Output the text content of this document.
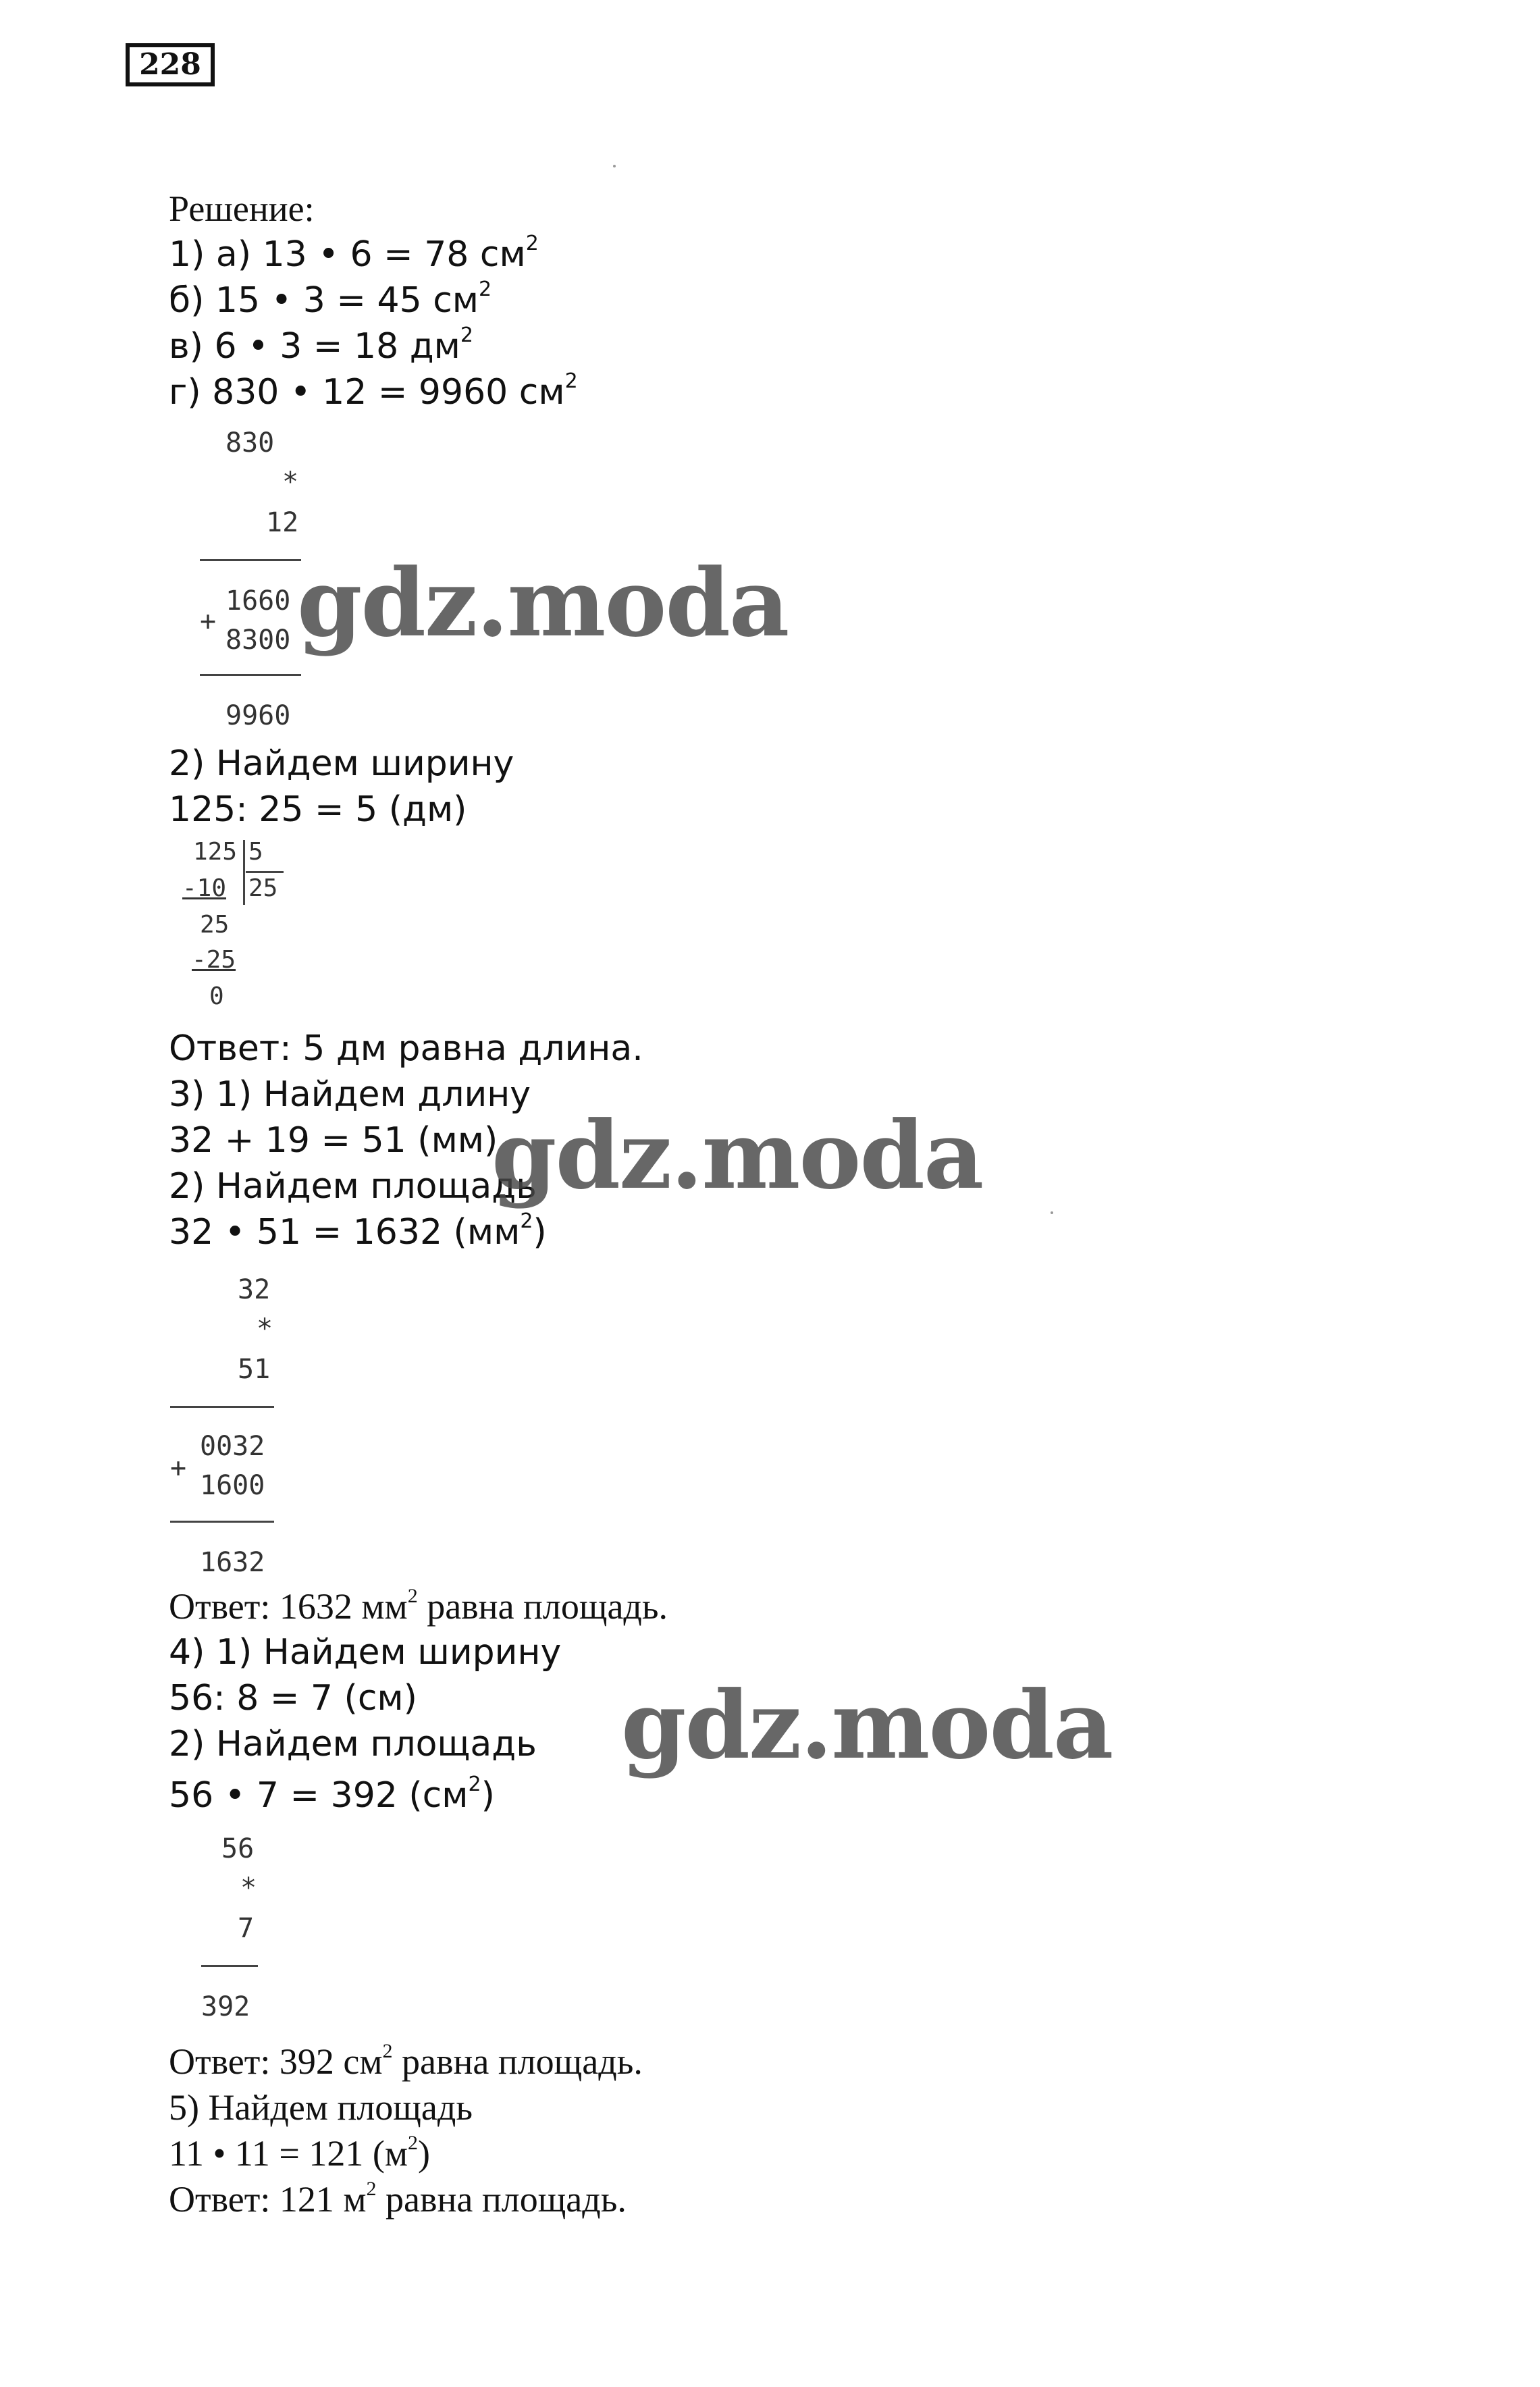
228
Решение:
1) а) 13 • 6 = 78 $см^2$
б) 15 • 3 = 45 $см^2$
в) 6 • 3 = 18 $дм^2$
г) 830 • 12 = 9960 $см^2$
830
*
12
1660
+
8300
9960
2) Найдем ширину
125: 25 = 5 (дм)
125 5
-10 25
25
-25
0
Ответ: 5 дм равна длина.
3) 1) Найдем длину
32 + 19 = 51 (мм)
2) Найдем площадь
32 • 51 = 1632 $(мм^2)$
32
*
51
0032
+
1600
1632
Ответ: 1632 $мм^2$ равна площадь.
4) 1) Найдем ширину
56: 8 = 7 (см)
2) Найдем площадь
56 • 7 = 392 $(см^2)$
56
*
7
392
Ответ: 392 $см^2$ равна площадь.
5) Найдем площадь
11 • 11 = 121 $(м^2)$
Ответ: 121 $м^2$ равна площадь.
gdz.moda
gdz.moda
gdz.moda
